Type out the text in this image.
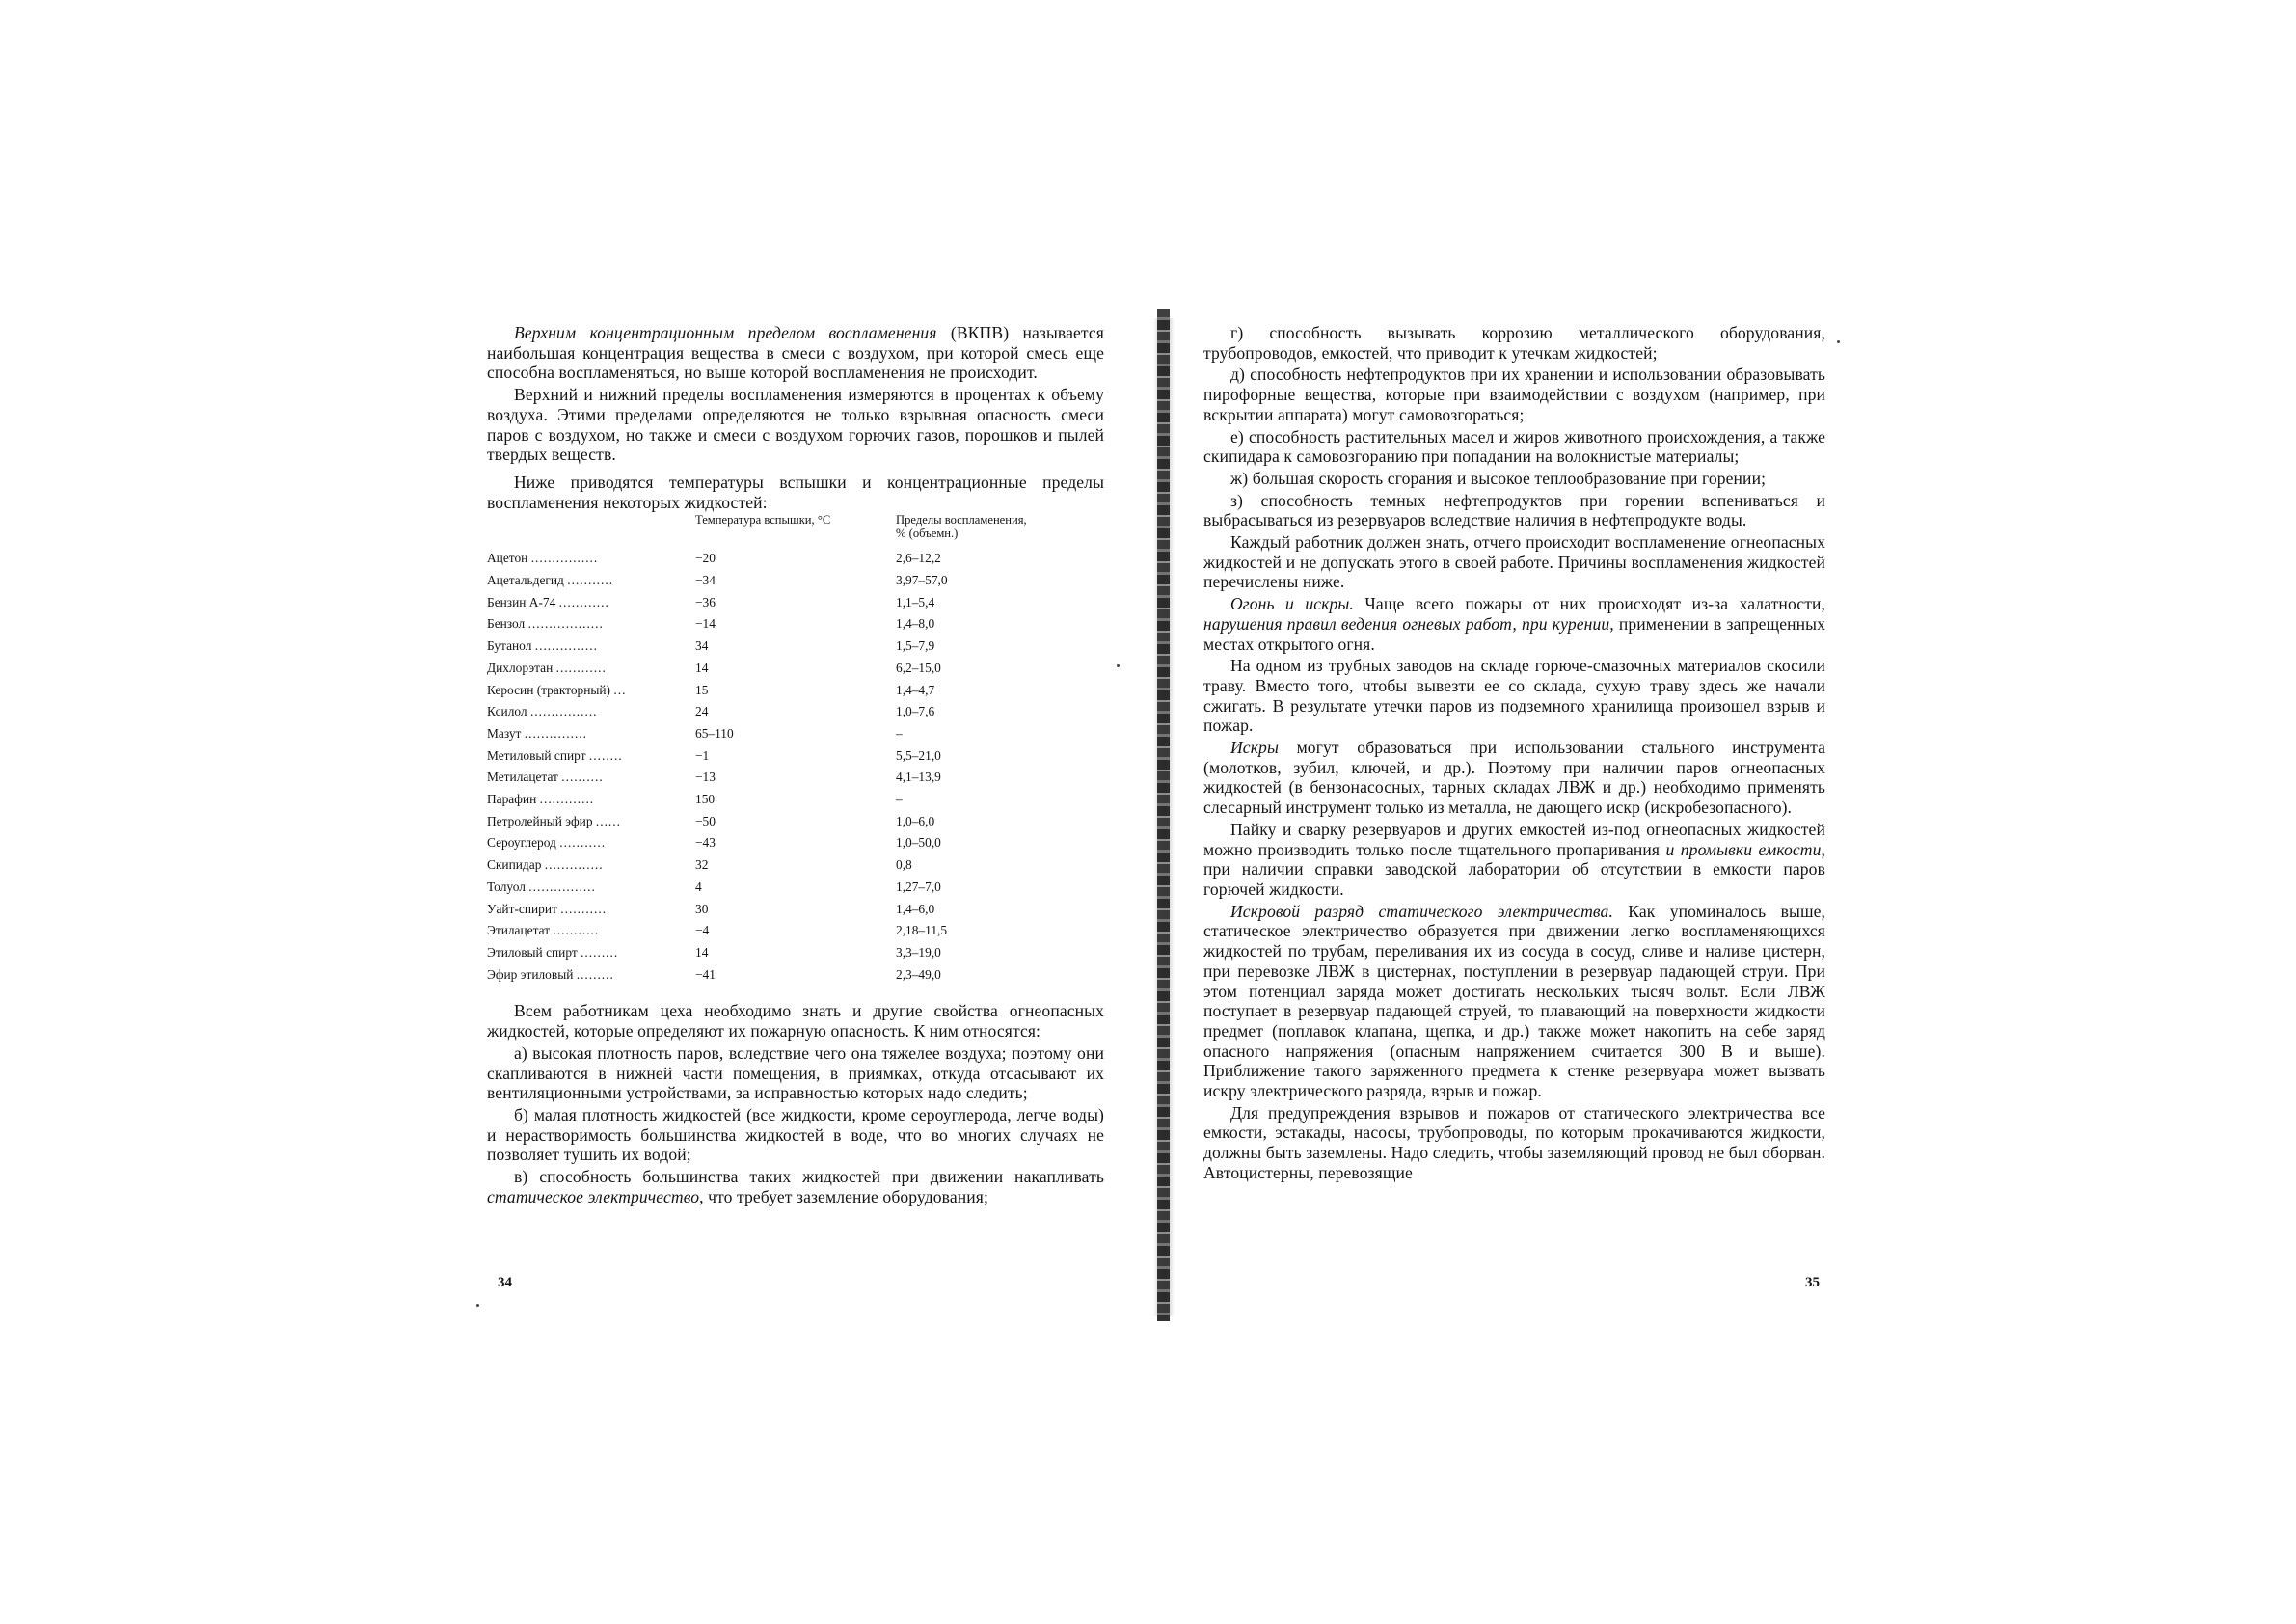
Верхним концентрационным пределом воспламенения (ВКПВ) называется наибольшая концентрация вещества в смеси с воздухом, при которой смесь еще способна воспламеняться, но выше которой воспламенения не происходит.

Верхний и нижний пределы воспламенения измеряются в процентах к объему воздуха. Этими пределами определяются не только взрывная опасность смеси паров с воздухом, но также и смеси с воздухом горючих газов, порошков и пылей твердых веществ.

Ниже приводятся температуры вспышки и концентрационные пределы воспламенения некоторых жидкостей:

Температура вспышки, °С	Пределы воспламенения,
% (объемн.)
Ацетон ................	−20	2,6–12,2
Ацетальдегид ...........	−34	3,97–57,0
Бензин А-74 ............	−36	1,1–5,4
Бензол ..................	−14	1,4–8,0
Бутанол ...............	34	1,5–7,9
Дихлорэтан ............	14	6,2–15,0
Керосин (тракторный) ...	15	1,4–4,7
Ксилол ................	24	1,0–7,6
Мазут ...............	65–110	–
Метиловый спирт ........	−1	5,5–21,0
Метилацетат ..........	−13	4,1–13,9
Парафин .............	150	–
Петролейный эфир ......	−50	1,0–6,0
Сероуглерод ...........	−43	1,0–50,0
Скипидар ..............	32	0,8
Толуол ................	4	1,27–7,0
Уайт-спирит ...........	30	1,4–6,0
Этилацетат ...........	−4	2,18–11,5
Этиловый спирт .........	14	3,3–19,0
Эфир этиловый .........	−41	2,3–49,0

Всем работникам цеха необходимо знать и другие свойства огнеопасных жидкостей, которые определяют их пожарную опасность. К ним относятся:

а) высокая плотность паров, вследствие чего она тяжелее воздуха; поэтому они скапливаются в нижней части помещения, в приямках, откуда отсасывают их вентиляционными устройствами, за исправностью которых надо следить;

б) малая плотность жидкостей (все жидкости, кроме сероуглерода, легче воды) и нерастворимость большинства жидкостей в воде, что во многих случаях не позволяет тушить их водой;

в) способность большинства таких жидкостей при движении накапливать статическое электричество, что требует заземление оборудования;

34

г) способность вызывать коррозию металлического оборудования, трубопроводов, емкостей, что приводит к утечкам жидкостей;

д) способность нефтепродуктов при их хранении и использовании образовывать пирофорные вещества, которые при взаимодействии с воздухом (например, при вскрытии аппарата) могут самовозгораться;

е) способность растительных масел и жиров животного происхождения, а также скипидара к самовозгоранию при попадании на волокнистые материалы;

ж) большая скорость сгорания и высокое теплообразование при горении;

з) способность темных нефтепродуктов при горении вспениваться и выбрасываться из резервуаров вследствие наличия в нефтепродукте воды.

Каждый работник должен знать, отчего происходит воспламенение огнеопасных жидкостей и не допускать этого в своей работе. Причины воспламенения жидкостей перечислены ниже.

Огонь и искры. Чаще всего пожары от них происходят из-за халатности, нарушения правил ведения огневых работ, при курении, применении в запрещенных местах открытого огня.

На одном из трубных заводов на складе горюче-смазочных материалов скосили траву. Вместо того, чтобы вывезти ее со склада, сухую траву здесь же начали сжигать. В результате утечки паров из подземного хранилища произошел взрыв и пожар.

Искры могут образоваться при использовании стального инструмента (молотков, зубил, ключей, и др.). Поэтому при наличии паров огнеопасных жидкостей (в бензонасосных, тарных складах ЛВЖ и др.) необходимо применять слесарный инструмент только из металла, не дающего искр (искробезопасного).

Пайку и сварку резервуаров и других емкостей из-под огнеопасных жидкостей можно производить только после тщательного пропаривания и промывки емкости, при наличии справки заводской лаборатории об отсутствии в емкости паров горючей жидкости.

Искровой разряд статического электричества. Как упоминалось выше, статическое электричество образуется при движении легко воспламеняющихся жидкостей по трубам, переливания их из сосуда в сосуд, сливе и наливе цистерн, при перевозке ЛВЖ в цистернах, поступлении в резервуар падающей струи. При этом потенциал заряда может достигать нескольких тысяч вольт. Если ЛВЖ поступает в резервуар падающей струей, то плавающий на поверхности жидкости предмет (поплавок клапана, щепка, и др.) также может накопить на себе заряд опасного напряжения (опасным напряжением считается 300 В и выше). Приближение такого заряженного предмета к стенке резервуара может вызвать искру электрического разряда, взрыв и пожар.

Для предупреждения взрывов и пожаров от статического электричества все емкости, эстакады, насосы, трубопроводы, по которым прокачиваются жидкости, должны быть заземлены. Надо следить, чтобы заземляющий провод не был оборван. Автоцистерны, перевозящие

35
